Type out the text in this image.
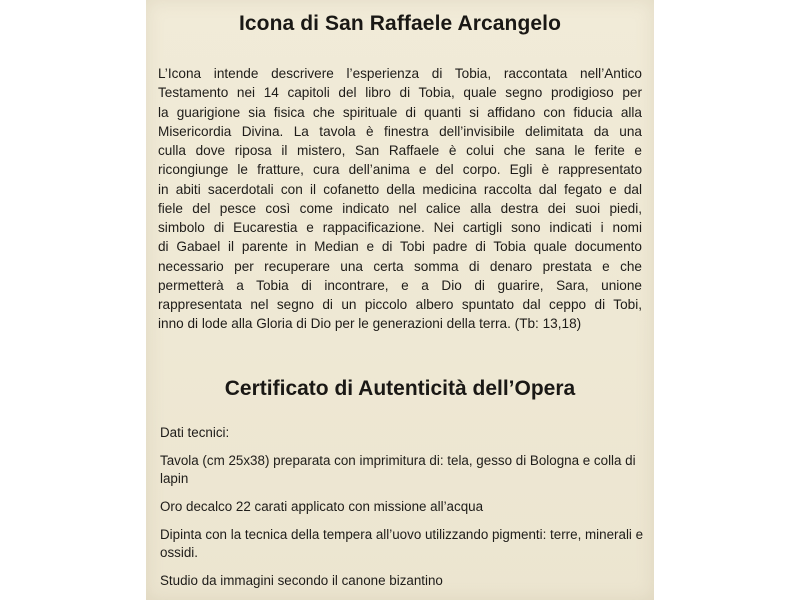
Icona di San Raffaele Arcangelo

L’Icona intende descrivere l’esperienza di Tobia, raccontata nell’Antico
Testamento nei 14 capitoli del libro di Tobia, quale segno prodigioso per
la guarigione sia fisica che spirituale di quanti si affidano con fiducia alla
Misericordia Divina. La tavola è finestra dell’invisibile delimitata da una
culla dove riposa il mistero, San Raffaele è colui che sana le ferite e
ricongiunge le fratture, cura dell’anima e del corpo. Egli è rappresentato
in abiti sacerdotali con il cofanetto della medicina raccolta dal fegato e dal
fiele del pesce così come indicato nel calice alla destra dei suoi piedi,
simbolo di Eucarestia e rappacificazione. Nei cartigli sono indicati i nomi
di Gabael il parente in Median e di Tobi padre di Tobia quale documento
necessario per recuperare una certa somma di denaro prestata e che
permetterà a Tobia di incontrare, e a Dio di guarire, Sara, unione
rappresentata nel segno di un piccolo albero spuntato dal ceppo di Tobi,
inno di lode alla Gloria di Dio per le generazioni della terra. (Tb: 13,18)

Certificato di Autenticità dell’Opera
Dati tecnici:
Tavola (cm 25x38) preparata con imprimitura di: tela, gesso di Bologna e colla di lapin
Oro decalco 22 carati applicato con missione all’acqua
Dipinta con la tecnica della tempera all’uovo utilizzando pigmenti: terre, minerali e ossidi.
Studio da immagini secondo il canone bizantino
